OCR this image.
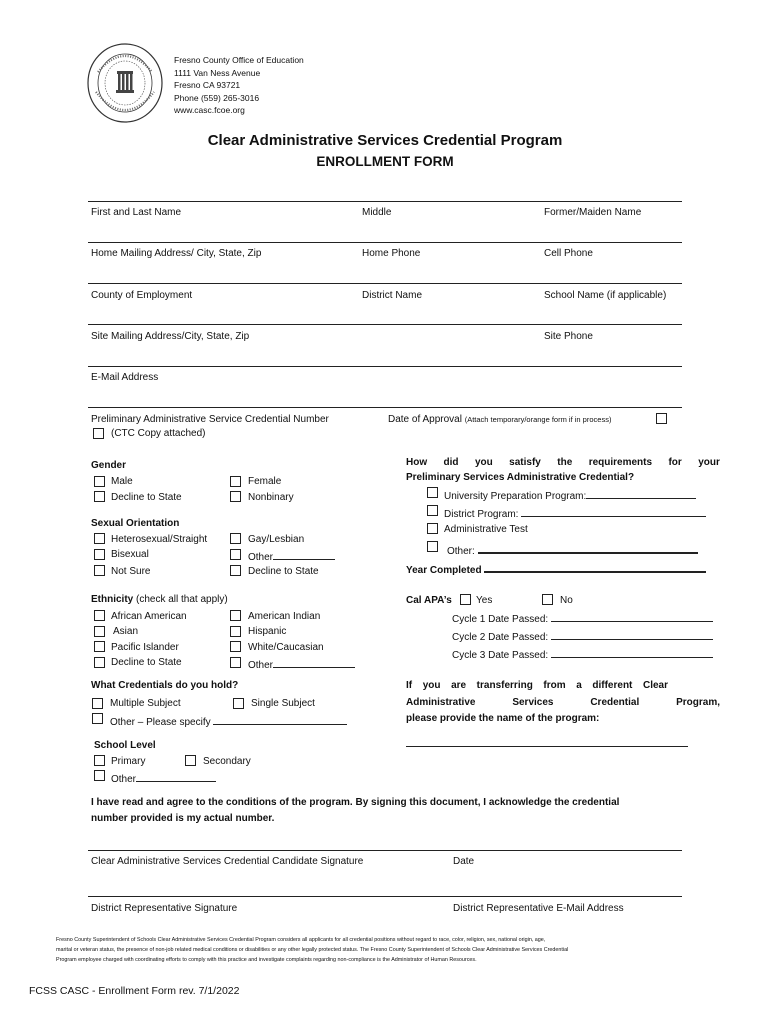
Fresno County Office of Education
1111 Van Ness Avenue
Fresno CA 93721
Phone (559) 265-3016
www.casc.fcoe.org
Clear Administrative Services Credential Program
ENROLLMENT FORM
First and Last Name	Middle	Former/Maiden Name
Home Mailing Address/ City, State, Zip	Home Phone	Cell Phone
County of Employment	District Name	School Name (if applicable)
Site Mailing Address/City, State, Zip	Site Phone
E-Mail Address
Preliminary Administrative Service Credential Number
(CTC Copy attached)
Date of Approval (Attach temporary/orange form if in process)
Gender
Male	Female
Decline to State	Nonbinary
Sexual Orientation
Heterosexual/Straight	Gay/Lesbian
Bisexual	Other
Not Sure	Decline to State
Ethnicity (check all that apply)
African American	American Indian
Asian	Hispanic
Pacific Islander	White/Caucasian
Decline to State	Other
What Credentials do you hold?
Multiple Subject	Single Subject
Other – Please specify
School Level
Primary	Secondary
Other
How did you satisfy the requirements for your
Preliminary Services Administrative Credential?
University Preparation Program:
District Program:
Administrative Test
Other:
Year Completed
Cal APA’s Yes	No
Cycle 1 Date Passed:
Cycle 2 Date Passed:
Cycle 3 Date Passed:
If you are transferring from a different Clear
Administrative Services Credential Program,
please provide the name of the program:
I have read and agree to the conditions of the program. By signing this document, I acknowledge the credential
number provided is my actual number.
Clear Administrative Services Credential Candidate Signature	Date
District Representative Signature	District Representative E-Mail Address
Fresno County Superintendent of Schools Clear Administrative Services Credential Program considers all applicants for all credential positions without regard to race, color, religion, sex, national origin, age,
marital or veteran status, the presence of non-job related medical conditions or disabilities or any other legally protected status. The Fresno County Superintendent of Schools Clear Administrative Services Credential
Program employee charged with coordinating efforts to comply with this practice and investigate complaints regarding non-compliance is the Administrator of Human Resources.
FCSS CASC - Enrollment Form rev. 7/1/2022
